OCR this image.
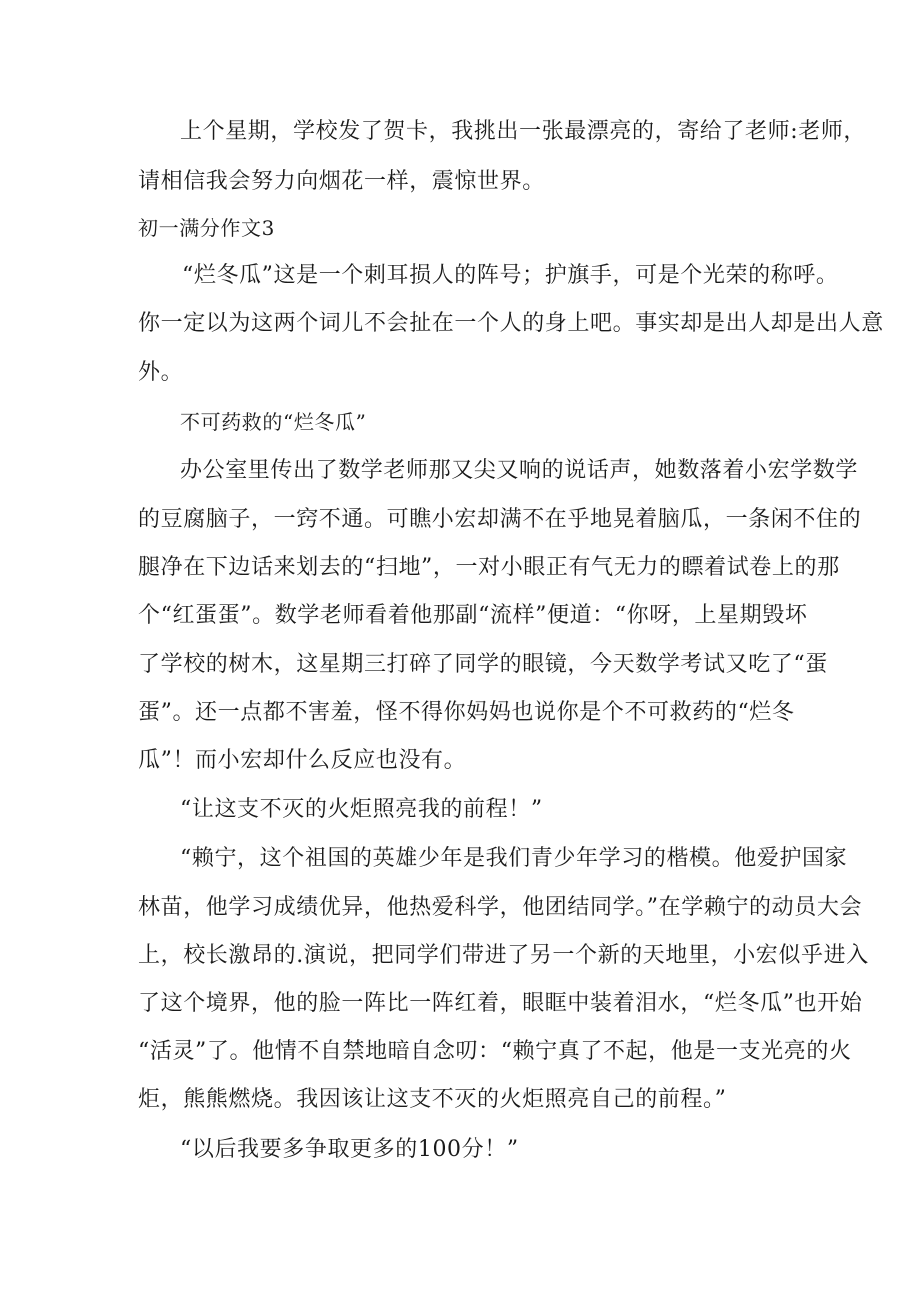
上个星期，学校发了贺卡，我挑出一张最漂亮的，寄给了老师:老师，
请相信我会努力向烟花一样，震惊世界。
初一满分作文3
“烂冬瓜”这是一个刺耳损人的阵号；护旗手，可是个光荣的称呼。
你一定以为这两个词儿不会扯在一个人的身上吧。事实却是出人却是出人意
外。
不可药救的“烂冬瓜”
办公室里传出了数学老师那又尖又响的说话声，她数落着小宏学数学
的豆腐脑子，一窍不通。可瞧小宏却满不在乎地晃着脑瓜，一条闲不住的
腿净在下边话来划去的“扫地”，一对小眼正有气无力的瞟着试卷上的那
个“红蛋蛋”。数学老师看着他那副“流样”便道：“你呀，上星期毁坏
了学校的树木，这星期三打碎了同学的眼镜，今天数学考试又吃了“蛋
蛋”。还一点都不害羞，怪不得你妈妈也说你是个不可救药的“烂冬
瓜”！而小宏却什么反应也没有。
“让这支不灭的火炬照亮我的前程！”
“赖宁，这个祖国的英雄少年是我们青少年学习的楷模。他爱护国家
林苗，他学习成绩优异，他热爱科学，他团结同学。”在学赖宁的动员大会
上，校长激昂的.演说，把同学们带进了另一个新的天地里，小宏似乎进入
了这个境界，他的脸一阵比一阵红着，眼眶中装着泪水，“烂冬瓜”也开始
“活灵”了。他情不自禁地暗自念叨：“赖宁真了不起，他是一支光亮的火
炬，熊熊燃烧。我因该让这支不灭的火炬照亮自己的前程。”
“以后我要多争取更多的100分！”
